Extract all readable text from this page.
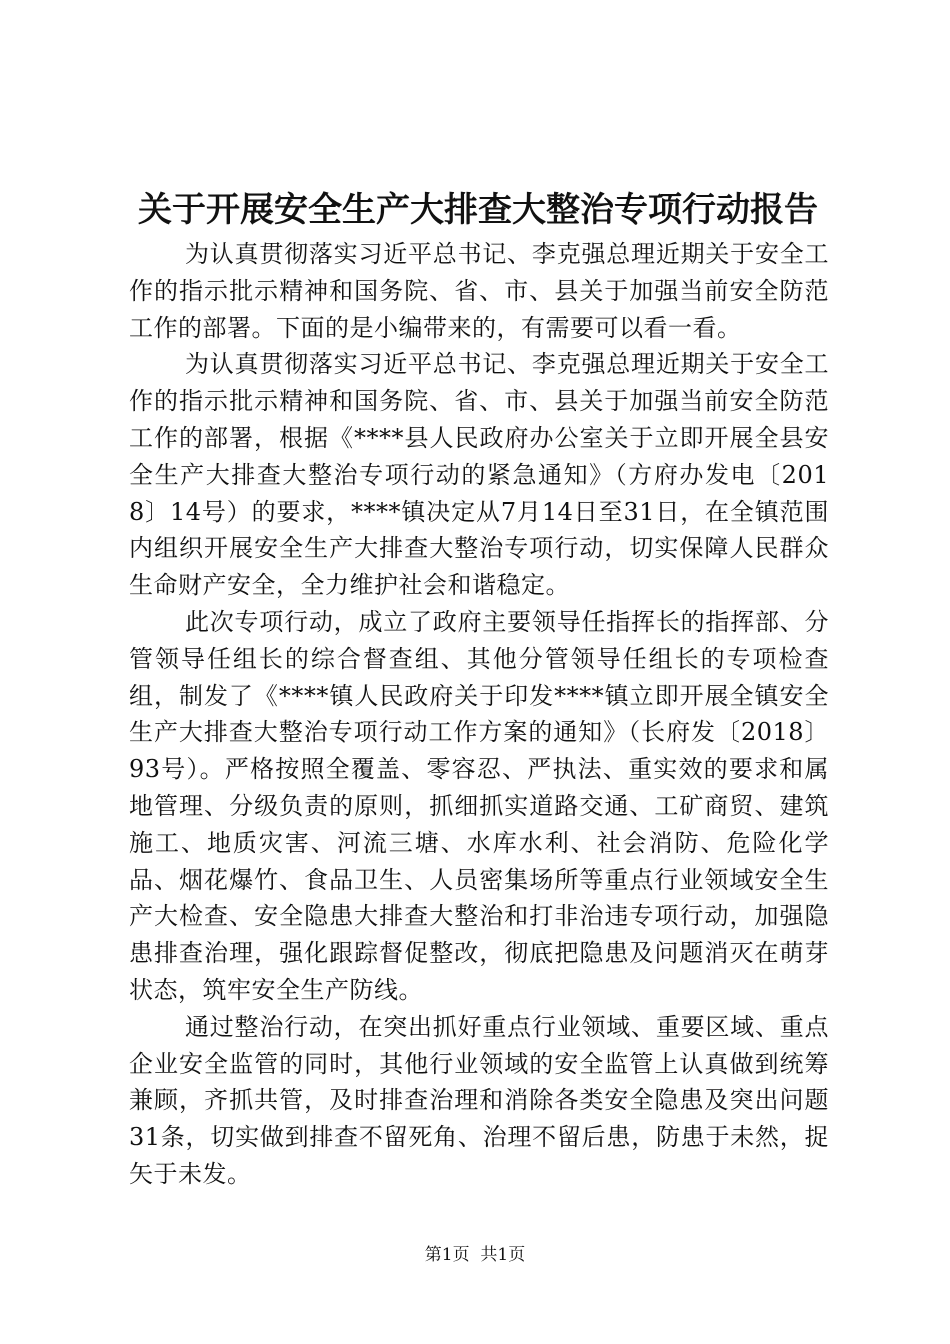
关于开展安全生产大排查大整治专项行动报告

为认真贯彻落实习近平总书记、李克强总理近期关于安全工作的指示批示精神和国务院、省、市、县关于加强当前安全防范工作的部署。下面的是小编带来的，有需要可以看一看。

为认真贯彻落实习近平总书记、李克强总理近期关于安全工作的指示批示精神和国务院、省、市、县关于加强当前安全防范工作的部署，根据《****县人民政府办公室关于立即开展全县安全生产大排查大整治专项行动的紧急通知》（方府办发电〔2018〕14号）的要求，****镇决定从7月14日至31日，在全镇范围内组织开展安全生产大排查大整治专项行动，切实保障人民群众生命财产安全，全力维护社会和谐稳定。

此次专项行动，成立了政府主要领导任指挥长的指挥部、分管领导任组长的综合督查组、其他分管领导任组长的专项检查组，制发了《****镇人民政府关于印发****镇立即开展全镇安全生产大排查大整治专项行动工作方案的通知》（长府发〔2018〕93号）。严格按照全覆盖、零容忍、严执法、重实效的要求和属地管理、分级负责的原则，抓细抓实道路交通、工矿商贸、建筑施工、地质灾害、河流三塘、水库水利、社会消防、危险化学品、烟花爆竹、食品卫生、人员密集场所等重点行业领域安全生产大检查、安全隐患大排查大整治和打非治违专项行动，加强隐患排查治理，强化跟踪督促整改，彻底把隐患及问题消灭在萌芽状态，筑牢安全生产防线。

通过整治行动，在突出抓好重点行业领域、重要区域、重点企业安全监管的同时，其他行业领域的安全监管上认真做到统筹兼顾，齐抓共管，及时排查治理和消除各类安全隐患及突出问题31条，切实做到排查不留死角、治理不留后患，防患于未然，捉矢于未发。

第1页  共1页
